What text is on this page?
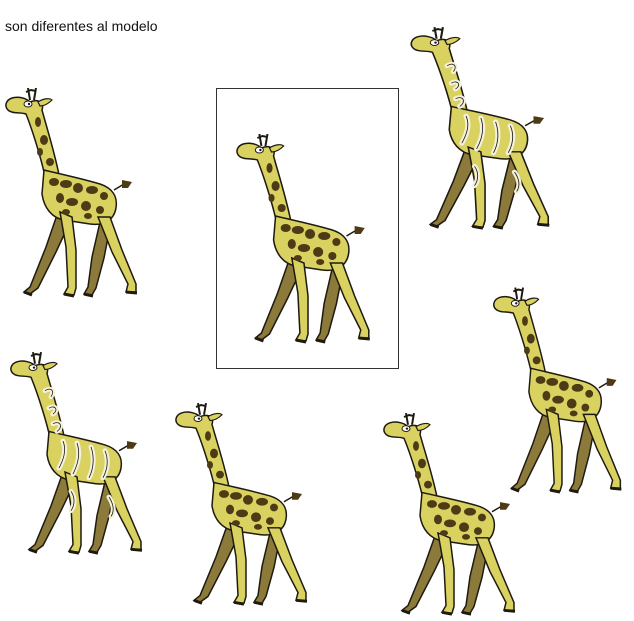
son diferentes al modelo
